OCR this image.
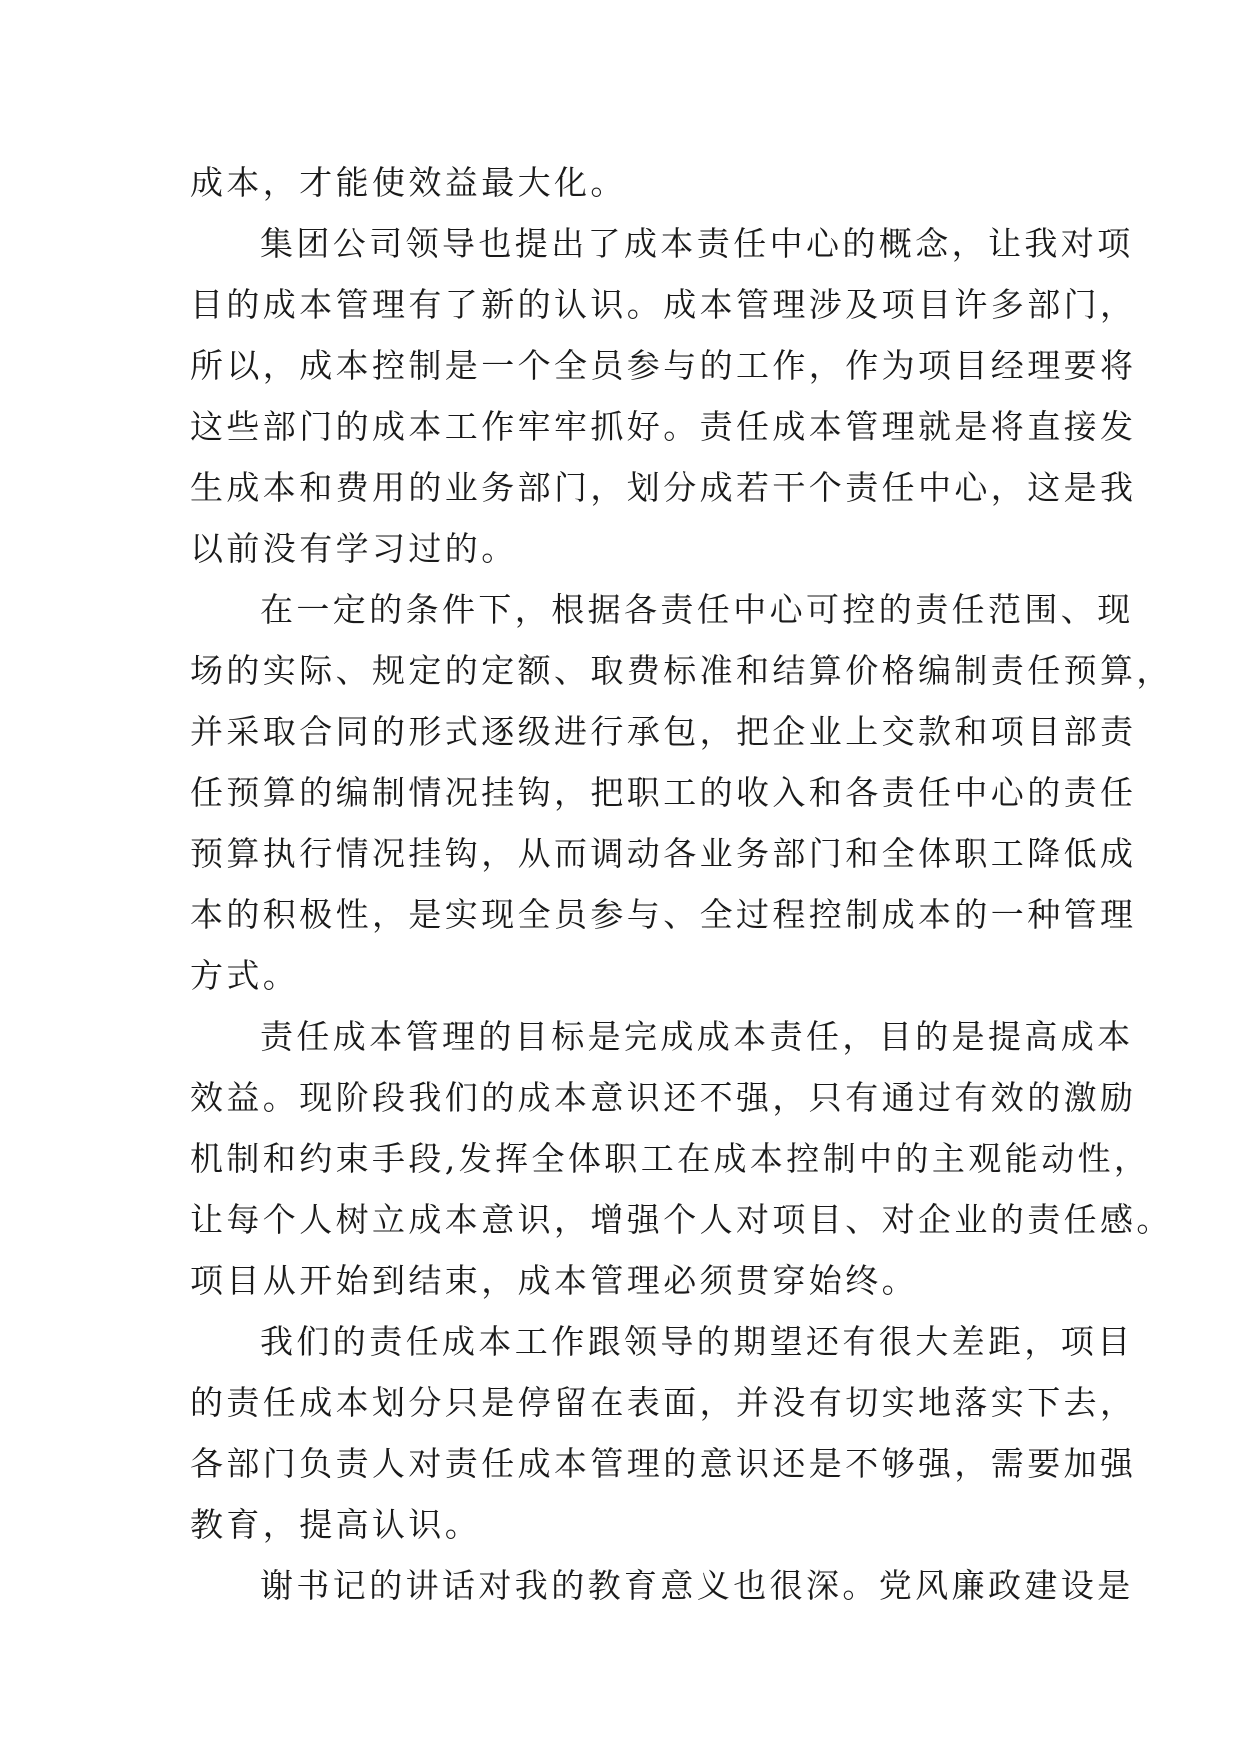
成本，才能使效益最大化。
集团公司领导也提出了成本责任中心的概念，让我对项
目的成本管理有了新的认识。成本管理涉及项目许多部门，
所以，成本控制是一个全员参与的工作，作为项目经理要将
这些部门的成本工作牢牢抓好。责任成本管理就是将直接发
生成本和费用的业务部门，划分成若干个责任中心，这是我
以前没有学习过的。
在一定的条件下，根据各责任中心可控的责任范围、现
场的实际、规定的定额、取费标准和结算价格编制责任预算，
并采取合同的形式逐级进行承包，把企业上交款和项目部责
任预算的编制情况挂钩，把职工的收入和各责任中心的责任
预算执行情况挂钩，从而调动各业务部门和全体职工降低成
本的积极性，是实现全员参与、全过程控制成本的一种管理
方式。
责任成本管理的目标是完成成本责任，目的是提高成本
效益。现阶段我们的成本意识还不强，只有通过有效的激励
机制和约束手段,发挥全体职工在成本控制中的主观能动性，
让每个人树立成本意识，增强个人对项目、对企业的责任感。
项目从开始到结束，成本管理必须贯穿始终。
我们的责任成本工作跟领导的期望还有很大差距，项目
的责任成本划分只是停留在表面，并没有切实地落实下去，
各部门负责人对责任成本管理的意识还是不够强，需要加强
教育，提高认识。
谢书记的讲话对我的教育意义也很深。党风廉政建设是
